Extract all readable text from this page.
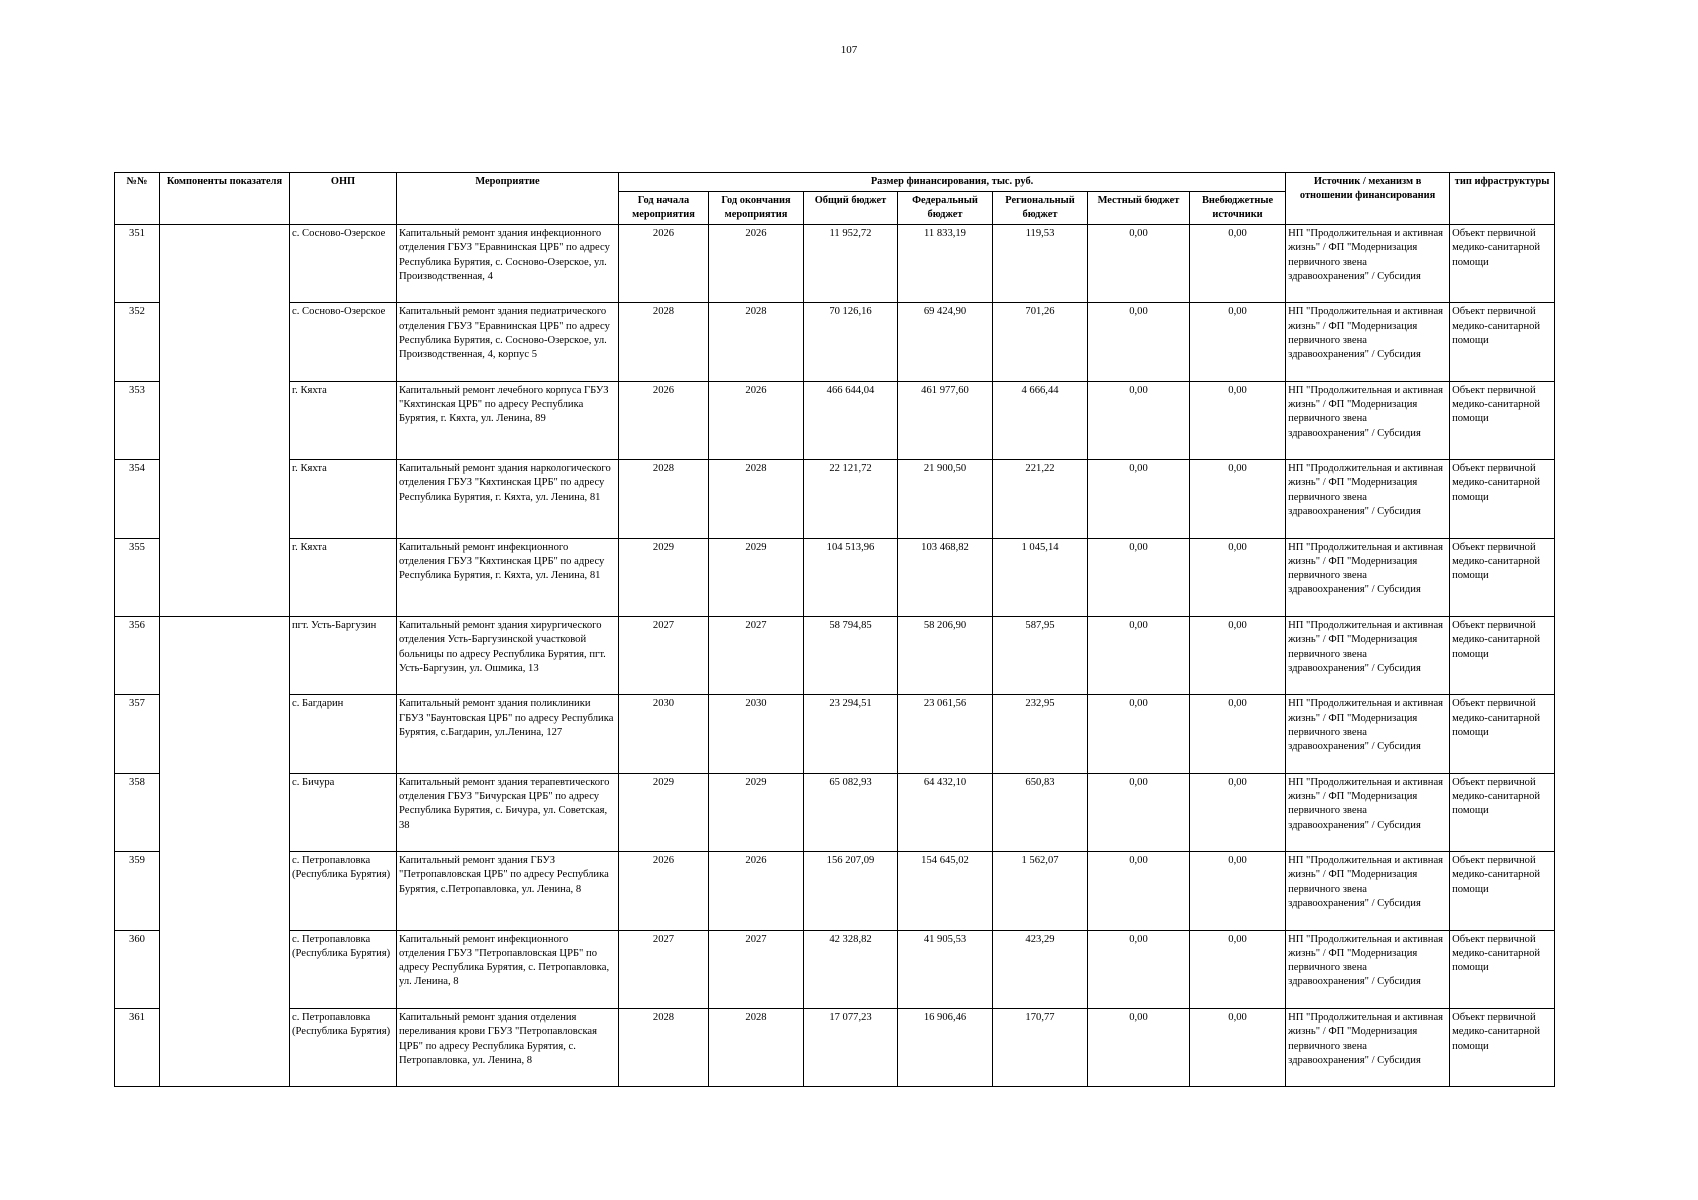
107
№№	Компоненты показателя	ОНП	Мероприятие	Размер финансирования, тыс. руб.							Источник / механизм в отношении финансирования	тип ифраструктуры
				Год начала мероприятия	Год окончания мероприятия	Общий бюджет	Федеральный бюджет	Региональный бюджет	Местный бюджет	Внебюджетные источники		
351		с. Сосново-Озерское	Капитальный ремонт здания инфекционного отделения ГБУЗ "Еравнинская ЦРБ" по адресу Республика Бурятия, с. Сосново-Озерское, ул. Производственная, 4	2026	2026	11 952,72	11 833,19	119,53	0,00	0,00	НП "Продолжительная и активная жизнь" / ФП "Модернизация первичного звена здравоохранения" / Субсидия	Объект первичной медико-санитарной помощи
352		с. Сосново-Озерское	Капитальный ремонт здания педиатрического отделения ГБУЗ "Еравнинская ЦРБ" по адресу Республика Бурятия, с. Сосново-Озерское, ул. Производственная, 4, корпус 5	2028	2028	70 126,16	69 424,90	701,26	0,00	0,00	НП "Продолжительная и активная жизнь" / ФП "Модернизация первичного звена здравоохранения" / Субсидия	Объект первичной медико-санитарной помощи
353		г. Кяхта	Капитальный ремонт лечебного корпуса ГБУЗ "Кяхтинская ЦРБ" по адресу Республика Бурятия, г. Кяхта, ул. Ленина, 89	2026	2026	466 644,04	461 977,60	4 666,44	0,00	0,00	НП "Продолжительная и активная жизнь" / ФП "Модернизация первичного звена здравоохранения" / Субсидия	Объект первичной медико-санитарной помощи
354		г. Кяхта	Капитальный ремонт здания наркологического отделения ГБУЗ "Кяхтинская ЦРБ" по адресу Республика Бурятия, г. Кяхта, ул. Ленина, 81	2028	2028	22 121,72	21 900,50	221,22	0,00	0,00	НП "Продолжительная и активная жизнь" / ФП "Модернизация первичного звена здравоохранения" / Субсидия	Объект первичной медико-санитарной помощи
355		г. Кяхта	Капитальный ремонт инфекционного отделения ГБУЗ "Кяхтинская ЦРБ" по адресу Республика Бурятия, г. Кяхта, ул. Ленина, 81	2029	2029	104 513,96	103 468,82	1 045,14	0,00	0,00	НП "Продолжительная и активная жизнь" / ФП "Модернизация первичного звена здравоохранения" / Субсидия	Объект первичной медико-санитарной помощи
356		пгт. Усть-Баргузин	Капитальный ремонт здания хирургического отделения Усть-Баргузинской участковой больницы по адресу Республика Бурятия, пгт. Усть-Баргузин, ул. Ошмика, 13	2027	2027	58 794,85	58 206,90	587,95	0,00	0,00	НП "Продолжительная и активная жизнь" / ФП "Модернизация первичного звена здравоохранения" / Субсидия	Объект первичной медико-санитарной помощи
357		с. Багдарин	Капитальный ремонт здания поликлиники ГБУЗ "Баунтовская ЦРБ" по адресу Республика Бурятия, с.Багдарин, ул.Ленина, 127	2030	2030	23 294,51	23 061,56	232,95	0,00	0,00	НП "Продолжительная и активная жизнь" / ФП "Модернизация первичного звена здравоохранения" / Субсидия	Объект первичной медико-санитарной помощи
358		с. Бичура	Капитальный ремонт здания терапевтического отделения ГБУЗ "Бичурская ЦРБ" по адресу Республика Бурятия, с. Бичура, ул. Советская, 38	2029	2029	65 082,93	64 432,10	650,83	0,00	0,00	НП "Продолжительная и активная жизнь" / ФП "Модернизация первичного звена здравоохранения" / Субсидия	Объект первичной медико-санитарной помощи
359		с. Петропавловка (Республика Бурятия)	Капитальный ремонт здания ГБУЗ "Петропавловская ЦРБ" по адресу Республика Бурятия, с.Петропавловка, ул. Ленина, 8	2026	2026	156 207,09	154 645,02	1 562,07	0,00	0,00	НП "Продолжительная и активная жизнь" / ФП "Модернизация первичного звена здравоохранения" / Субсидия	Объект первичной медико-санитарной помощи
360		с. Петропавловка (Республика Бурятия)	Капитальный ремонт инфекционного отделения ГБУЗ "Петропавловская ЦРБ" по адресу Республика Бурятия, с. Петропавловка, ул. Ленина, 8	2027	2027	42 328,82	41 905,53	423,29	0,00	0,00	НП "Продолжительная и активная жизнь" / ФП "Модернизация первичного звена здравоохранения" / Субсидия	Объект первичной медико-санитарной помощи
361		с. Петропавловка (Республика Бурятия)	Капитальный ремонт здания отделения переливания крови ГБУЗ "Петропавловская ЦРБ" по адресу Республика Бурятия, с. Петропавловка, ул. Ленина, 8	2028	2028	17 077,23	16 906,46	170,77	0,00	0,00	НП "Продолжительная и активная жизнь" / ФП "Модернизация первичного звена здравоохранения" / Субсидия	Объект первичной медико-санитарной помощи
